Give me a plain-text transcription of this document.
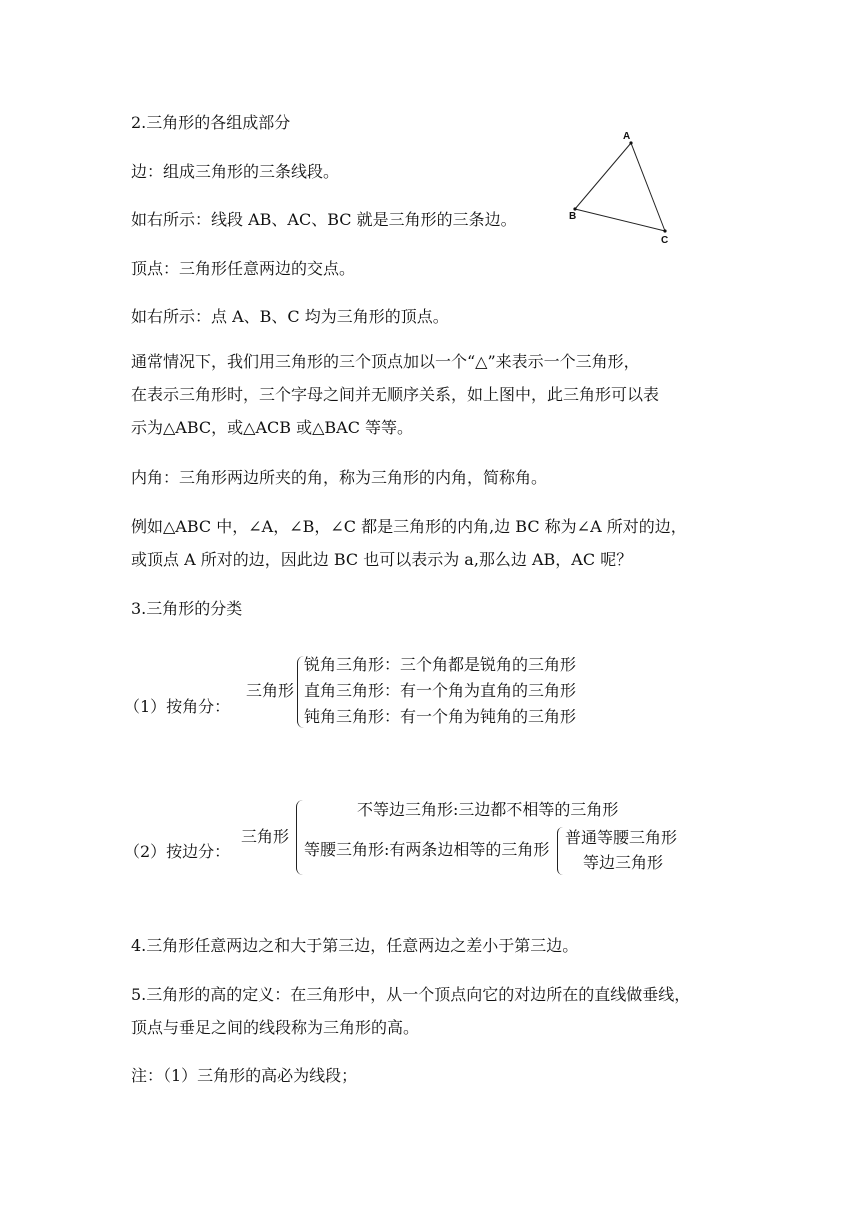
2.三角形的各组成部分
边：组成三角形的三条线段。
如右所示：线段 AB、AC、BC 就是三角形的三条边。
顶点：三角形任意两边的交点。
如右所示：点 A、B、C 均为三角形的顶点。
A
B
C
通常情况下，我们用三角形的三个顶点加以一个“△”来表示一个三角形，
在表示三角形时，三个字母之间并无顺序关系，如上图中，此三角形可以表
示为△ABC，或△ACB 或△BAC 等等。
内角：三角形两边所夹的角，称为三角形的内角，简称角。
例如△ABC 中，∠A，∠B，∠C 都是三角形的内角,边 BC 称为∠A 所对的边，
或顶点 A 所对的边，因此边 BC 也可以表示为 a,那么边 AB，AC 呢？
3.三角形的分类
（1）按角分：
三角形
锐角三角形：三个角都是锐角的三角形
直角三角形：有一个角为直角的三角形
钝角三角形：有一个角为钝角的三角形
（2）按边分：
三角形
不等边三角形:三边都不相等的三角形
等腰三角形:有两条边相等的三角形
普通等腰三角形
等边三角形
4.三角形任意两边之和大于第三边，任意两边之差小于第三边。
5.三角形的高的定义：在三角形中，从一个顶点向它的对边所在的直线做垂线，
顶点与垂足之间的线段称为三角形的高。
注：（1）三角形的高必为线段；
